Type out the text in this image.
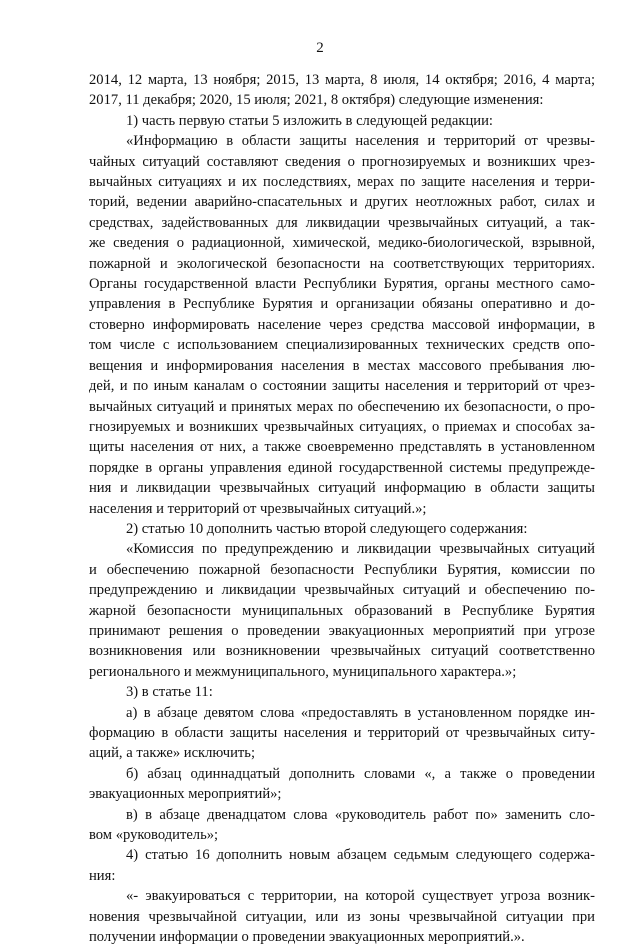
2
2014, 12 марта, 13 ноября; 2015, 13 марта, 8 июля, 14 октября; 2016, 4 марта;
2017, 11 декабря; 2020, 15 июля; 2021, 8 октября) следующие изменения:
1) часть первую статьи 5 изложить в следующей редакции:
«Информацию в области защиты населения и территорий от чрезвы-
чайных ситуаций составляют сведения о прогнозируемых и возникших чрез-
вычайных ситуациях и их последствиях, мерах по защите населения и терри-
торий, ведении аварийно-спасательных и других неотложных работ, силах и
средствах, задействованных для ликвидации чрезвычайных ситуаций, а так-
же сведения о радиационной, химической, медико-биологической, взрывной,
пожарной и экологической безопасности на соответствующих территориях.
Органы государственной власти Республики Бурятия, органы местного само-
управления в Республике Бурятия и организации обязаны оперативно и до-
стоверно информировать население через средства массовой информации, в
том числе с использованием специализированных технических средств опо-
вещения и информирования населения в местах массового пребывания лю-
дей, и по иным каналам о состоянии защиты населения и территорий от чрез-
вычайных ситуаций и принятых мерах по обеспечению их безопасности, о про-
гнозируемых и возникших чрезвычайных ситуациях, о приемах и способах за-
щиты населения от них, а также своевременно представлять в установленном
порядке в органы управления единой государственной системы предупрежде-
ния и ликвидации чрезвычайных ситуаций информацию в области защиты
населения и территорий от чрезвычайных ситуаций.»;
2) статью 10 дополнить частью второй следующего содержания:
«Комиссия по предупреждению и ликвидации чрезвычайных ситуаций
и обеспечению пожарной безопасности Республики Бурятия, комиссии по
предупреждению и ликвидации чрезвычайных ситуаций и обеспечению по-
жарной безопасности муниципальных образований в Республике Бурятия
принимают решения о проведении эвакуационных мероприятий при угрозе
возникновения или возникновении чрезвычайных ситуаций соответственно
регионального и межмуниципального, муниципального характера.»;
3) в статье 11:
а) в абзаце девятом слова «предоставлять в установленном порядке ин-
формацию в области защиты населения и территорий от чрезвычайных ситу-
аций, а также» исключить;
б) абзац одиннадцатый дополнить словами «, а также о проведении
эвакуационных мероприятий»;
в) в абзаце двенадцатом слова «руководитель работ по» заменить сло-
вом «руководитель»;
4) статью 16 дополнить новым абзацем седьмым следующего содержа-
ния:
«- эвакуироваться с территории, на которой существует угроза возник-
новения чрезвычайной ситуации, или из зоны чрезвычайной ситуации при
получении информации о проведении эвакуационных мероприятий.».
